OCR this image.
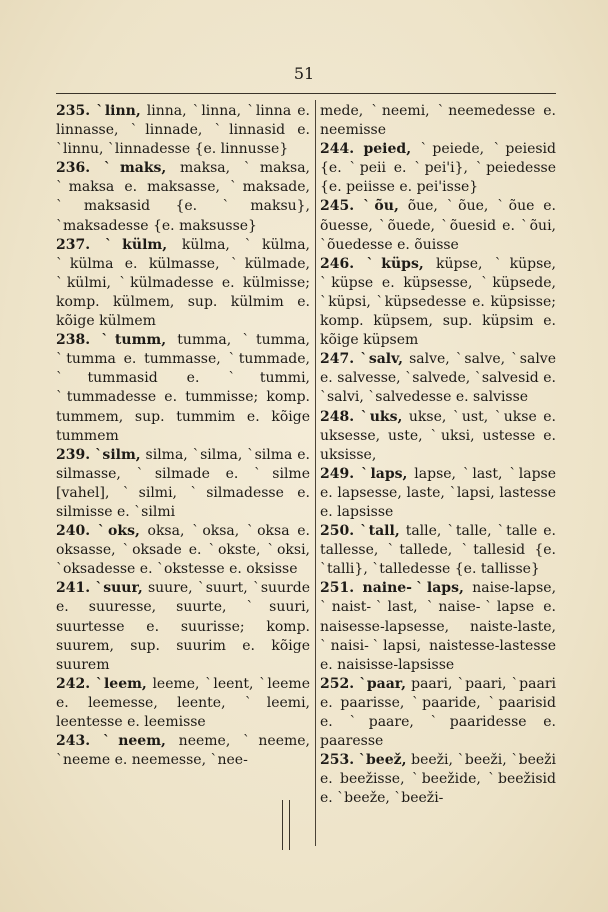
51

235. ˋlinn, linna, ˋlinna, ˋlinna e. linnasse, ˋlinnade, ˋlinnasid e. ˋlinnu, ˋlinnadesse {e. linnusse}

236. ˋmaks, maksa, ˋmaksa, ˋmaksa e. maksasse, ˋmaksade, ˋmaksasid {e. ˋmaksu}, ˋmaksadesse {e. maksusse}

237. ˋkülm, külma, ˋkülma, ˋkülma e. külmasse, ˋkülmade, ˋkülmi, ˋkülmadesse e. külmisse; komp. külmem, sup. külmim e. kõige külmem

238. ˋtumm, tumma, ˋtumma, ˋtumma e. tummasse, ˋtummade, ˋtummasid e. ˋtummi, ˋtummadesse e. tummisse; komp. tummem, sup. tummim e. kõige tummem

239. ˋsilm, silma, ˋsilma, ˋsilma e. silmasse, ˋsilmade e. ˋsilme [vahel], ˋsilmi, ˋsilmadesse e. silmisse e. ˋsilmi

240. ˋoks, oksa, ˋoksa, ˋoksa e. oksasse, ˋoksade e. ˋokste, ˋoksi, ˋoksadesse e. ˋokstesse e. oksisse

241. ˋsuur, suure, ˋsuurt, ˋsuurde e. suuresse, suurte, ˋsuuri, suurtesse e. suurisse; komp. suurem, sup. suurim e. kõige suurem

242. ˋleem, leeme, ˋleent, ˋleeme e. leemesse, leente, ˋleemi, leentesse e. leemisse

243. ˋneem, neeme, ˋneeme, ˋneeme e. neemesse, ˋnee-

mede, ˋneemi, ˋneemedesse e. neemisse

244. peied, ˋpeiede, ˋpeiesid {e. ˋpeii e. ˋpei'i}, ˋpeiedesse {e. peiisse e. pei'isse}

245. ˋõu, õue, ˋõue, ˋõue e. õuesse, ˋõuede, ˋõuesid e. ˋõui, ˋõuedesse e. õuisse

246. ˋküps, küpse, ˋküpse, ˋküpse e. küpsesse, ˋküpsede, ˋküpsi, ˋküpsedesse e. küpsisse; komp. küpsem, sup. küpsim e. kõige küpsem

247. ˋsalv, salve, ˋsalve, ˋsalve e. salvesse, ˋsalvede, ˋsalvesid e. ˋsalvi, ˋsalvedesse e. salvisse

248. ˋuks, ukse, ˋust, ˋukse e. uksesse, uste, ˋuksi, ustesse e. uksisse,

249. ˋlaps, lapse, ˋlast, ˋlapse e. lapsesse, laste, ˋlapsi, lastesse e. lapsisse

250. ˋtall, talle, ˋtalle, ˋtalle e. tallesse, ˋtallede, ˋtallesid {e. ˋtalli}, ˋtalledesse {e. tallisse}

251. naine-ˋlaps, naise-lapse, ˋnaist-ˋlast, ˋnaise-ˋlapse e. naisesse-lapsesse, naiste-laste, ˋnaisi-ˋlapsi, naistesse-lastesse e. naisisse-lapsisse

252. ˋpaar, paari, ˋpaari, ˋpaari e. paarisse, ˋpaaride, ˋpaarisid e. ˋpaare, ˋpaaridesse e. paaresse

253. ˋbeež, beeži, ˋbeeži, ˋbeeži e. beežisse, ˋbeežide, ˋbeežisid e. ˋbeeže, ˋbeeži-
